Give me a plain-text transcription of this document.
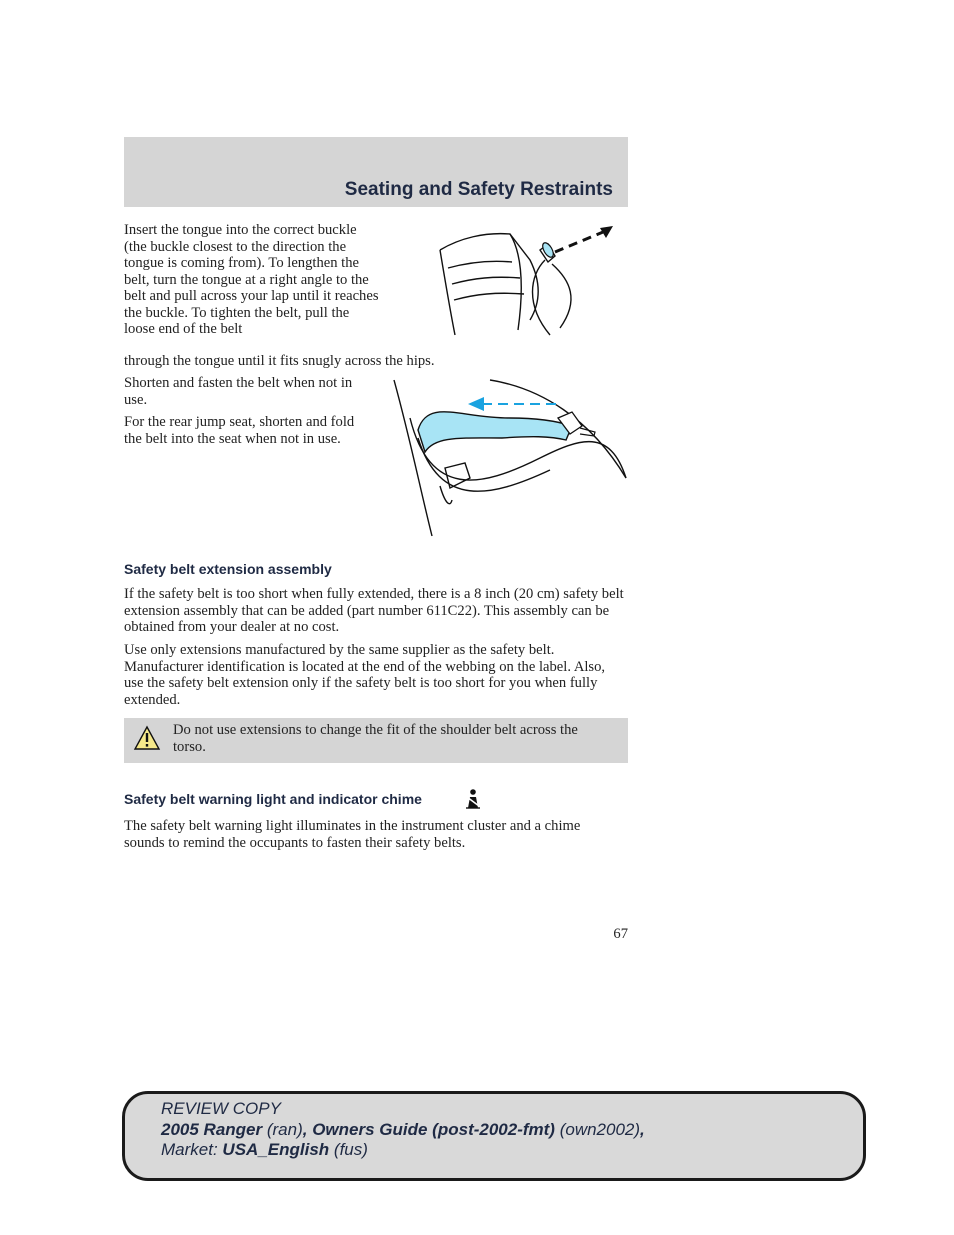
Seating and Safety Restraints

Insert the tongue into the correct buckle (the buckle closest to the direction the tongue is coming from). To lengthen the belt, turn the tongue at a right angle to the belt and pull across your lap until it reaches the buckle. To tighten the belt, pull the loose end of the belt

through the tongue until it fits snugly across the hips.

Shorten and fasten the belt when not in use.

For the rear jump seat, shorten and fold the belt into the seat when not in use.

Safety belt extension assembly

If the safety belt is too short when fully extended, there is a 8 inch (20 cm) safety belt extension assembly that can be added (part number 611C22). This assembly can be obtained from your dealer at no cost.

Use only extensions manufactured by the same supplier as the safety belt. Manufacturer identification is located at the end of the webbing on the label. Also, use the safety belt extension only if the safety belt is too short for you when fully extended.

Do not use extensions to change the fit of the shoulder belt across the torso.

Safety belt warning light and indicator chime

The safety belt warning light illuminates in the instrument cluster and a chime sounds to remind the occupants to fasten their safety belts.

67
REVIEW COPY
2005 Ranger (ran), Owners Guide (post-2002-fmt) (own2002),
Market: USA_English (fus)
